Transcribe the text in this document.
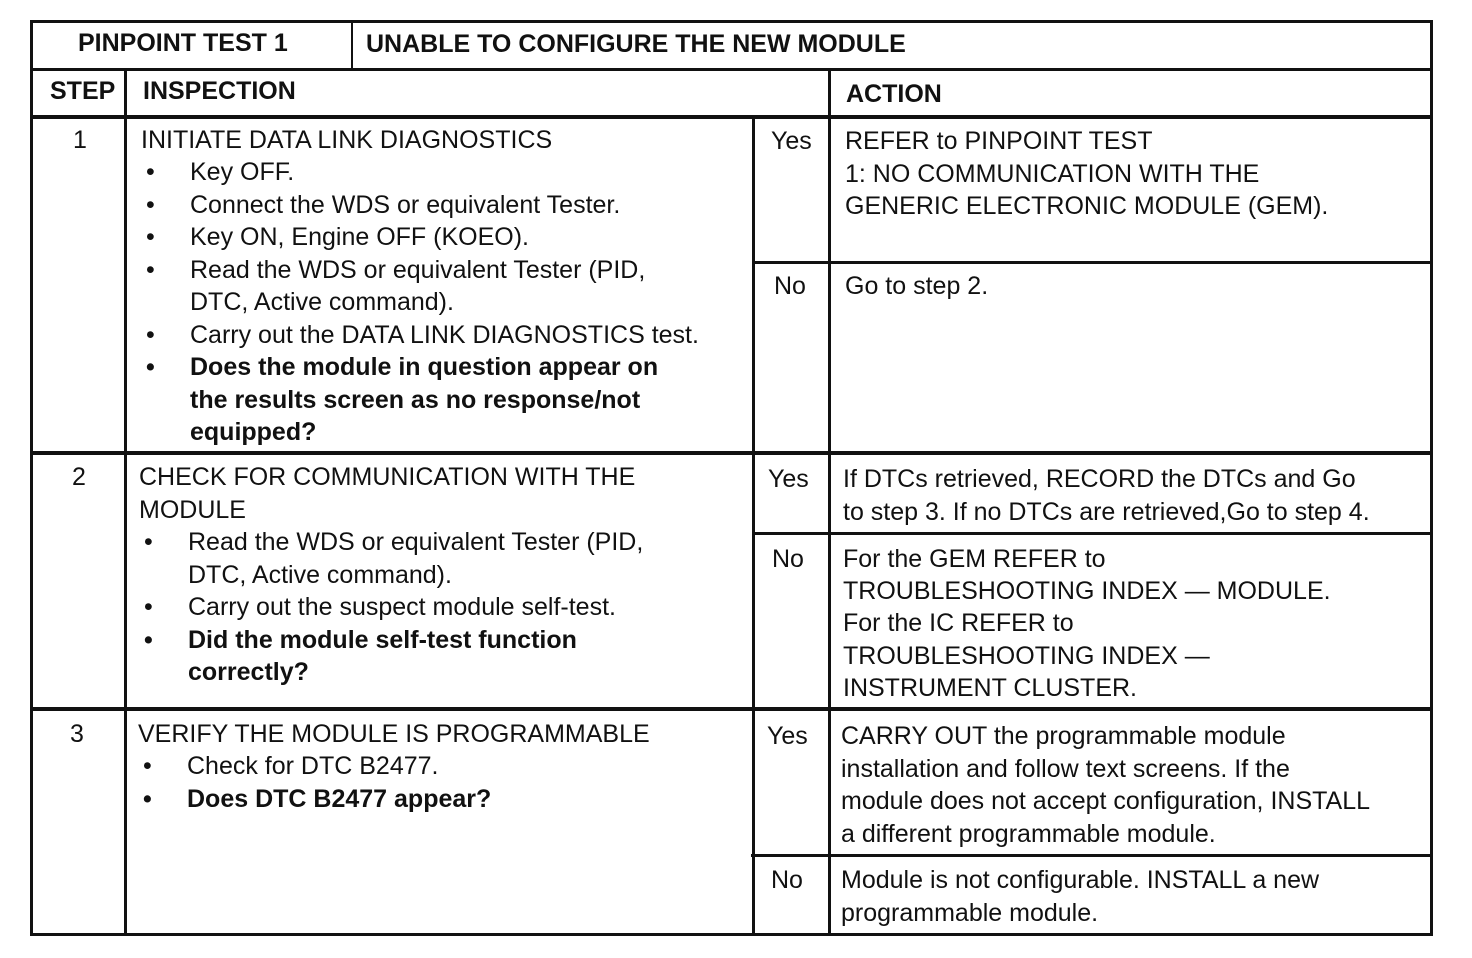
PINPOINT TEST 1	UNABLE TO CONFIGURE THE NEW MODULE
STEP INSPECTION	ACTION
1 INITIATE DATA LINK DIAGNOSTICS
• Key OFF.
• Connect the WDS or equivalent Tester.
• Key ON, Engine OFF (KOEO).
• Read the WDS or equivalent Tester (PID,
DTC, Active command).
• Carry out the DATA LINK DIAGNOSTICS test.
• Does the module in question appear on
the results screen as no response/not
equipped?
Yes REFER to PINPOINT TEST
1: NO COMMUNICATION WITH THE
GENERIC ELECTRONIC MODULE (GEM).
No Go to step 2.
2 CHECK FOR COMMUNICATION WITH THE
MODULE
• Read the WDS or equivalent Tester (PID,
DTC, Active command).
• Carry out the suspect module self-test.
• Did the module self-test function
correctly?
Yes If DTCs retrieved, RECORD the DTCs and Go
to step 3. If no DTCs are retrieved,Go to step 4.
No For the GEM REFER to
TROUBLESHOOTING INDEX — MODULE.
For the IC REFER to
TROUBLESHOOTING INDEX —
INSTRUMENT CLUSTER.
3 VERIFY THE MODULE IS PROGRAMMABLE
• Check for DTC B2477.
• Does DTC B2477 appear?
Yes CARRY OUT the programmable module
installation and follow text screens. If the
module does not accept configuration, INSTALL
a different programmable module.
No Module is not configurable. INSTALL a new
programmable module.
